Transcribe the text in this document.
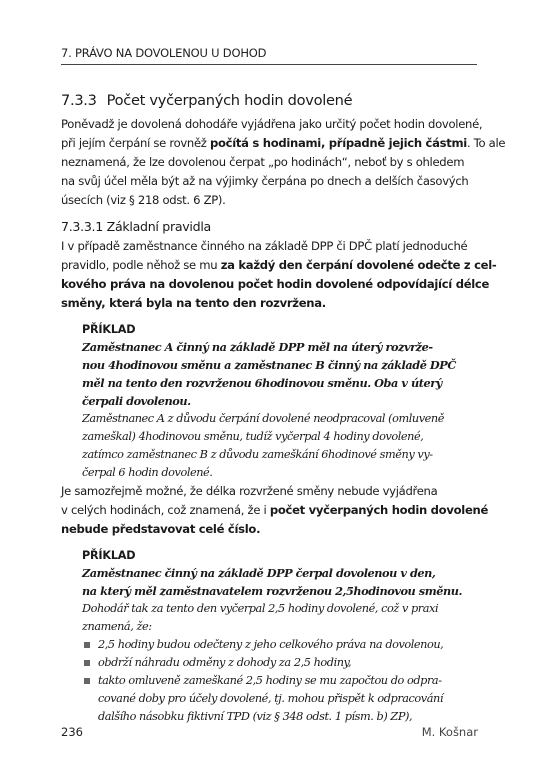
7. PRÁVO NA DOVOLENOU U DOHOD
7.3.3 Počet vyčerpaných hodin dovolené

Poněvadž je dovolená dohodáře vyjádřena jako určitý počet hodin dovolené,
při jejím čerpání se rovněž počítá s hodinami, případně jejich částmi. To ale
neznamená, že lze dovolenou čerpat „po hodinách“, neboť by s ohledem
na svůj účel měla být až na výjimky čerpána po dnech a delších časových
úsecích (viz § 218 odst. 6 ZP).

7.3.3.1 Základní pravidla

I v případě zaměstnance činného na základě DPP či DPČ platí jednoduché
pravidlo, podle něhož se mu za každý den čerpání dovolené odečte z cel-
kového práva na dovolenou počet hodin dovolené odpovídající délce
směny, která byla na tento den rozvržena.

PŘÍKLAD
Zaměstnanec A činný na základě DPP měl na úterý rozvrže-
nou 4hodinovou směnu a zaměstnanec B činný na základě DPČ
měl na tento den rozvrženou 6hodinovou směnu. Oba v úterý
čerpali dovolenou.
Zaměstnanec A z důvodu čerpání dovolené neodpracoval (omluveně
zameškal) 4hodinovou směnu, tudíž vyčerpal 4 hodiny dovolené,
zatímco zaměstnanec B z důvodu zameškání 6hodinové směny vy-
čerpal 6 hodin dovolené.

Je samozřejmě možné, že délka rozvržené směny nebude vyjádřena
v celých hodinách, což znamená, že i počet vyčerpaných hodin dovolené
nebude představovat celé číslo.

PŘÍKLAD
Zaměstnanec činný na základě DPP čerpal dovolenou v den,
na který měl zaměstnavatelem rozvrženou 2,5hodinovou směnu.
Dohodář tak za tento den vyčerpal 2,5 hodiny dovolené, což v praxi
znamená, že:
2,5 hodiny budou odečteny z jeho celkového práva na dovolenou,
obdrží náhradu odměny z dohody za 2,5 hodiny,
takto omluveně zameškané 2,5 hodiny se mu započtou do odpra-
cované doby pro účely dovolené, tj. mohou přispět k odpracování
dalšího násobku fiktivní TPD (viz § 348 odst. 1 písm. b) ZP),
236	M. Košnar
